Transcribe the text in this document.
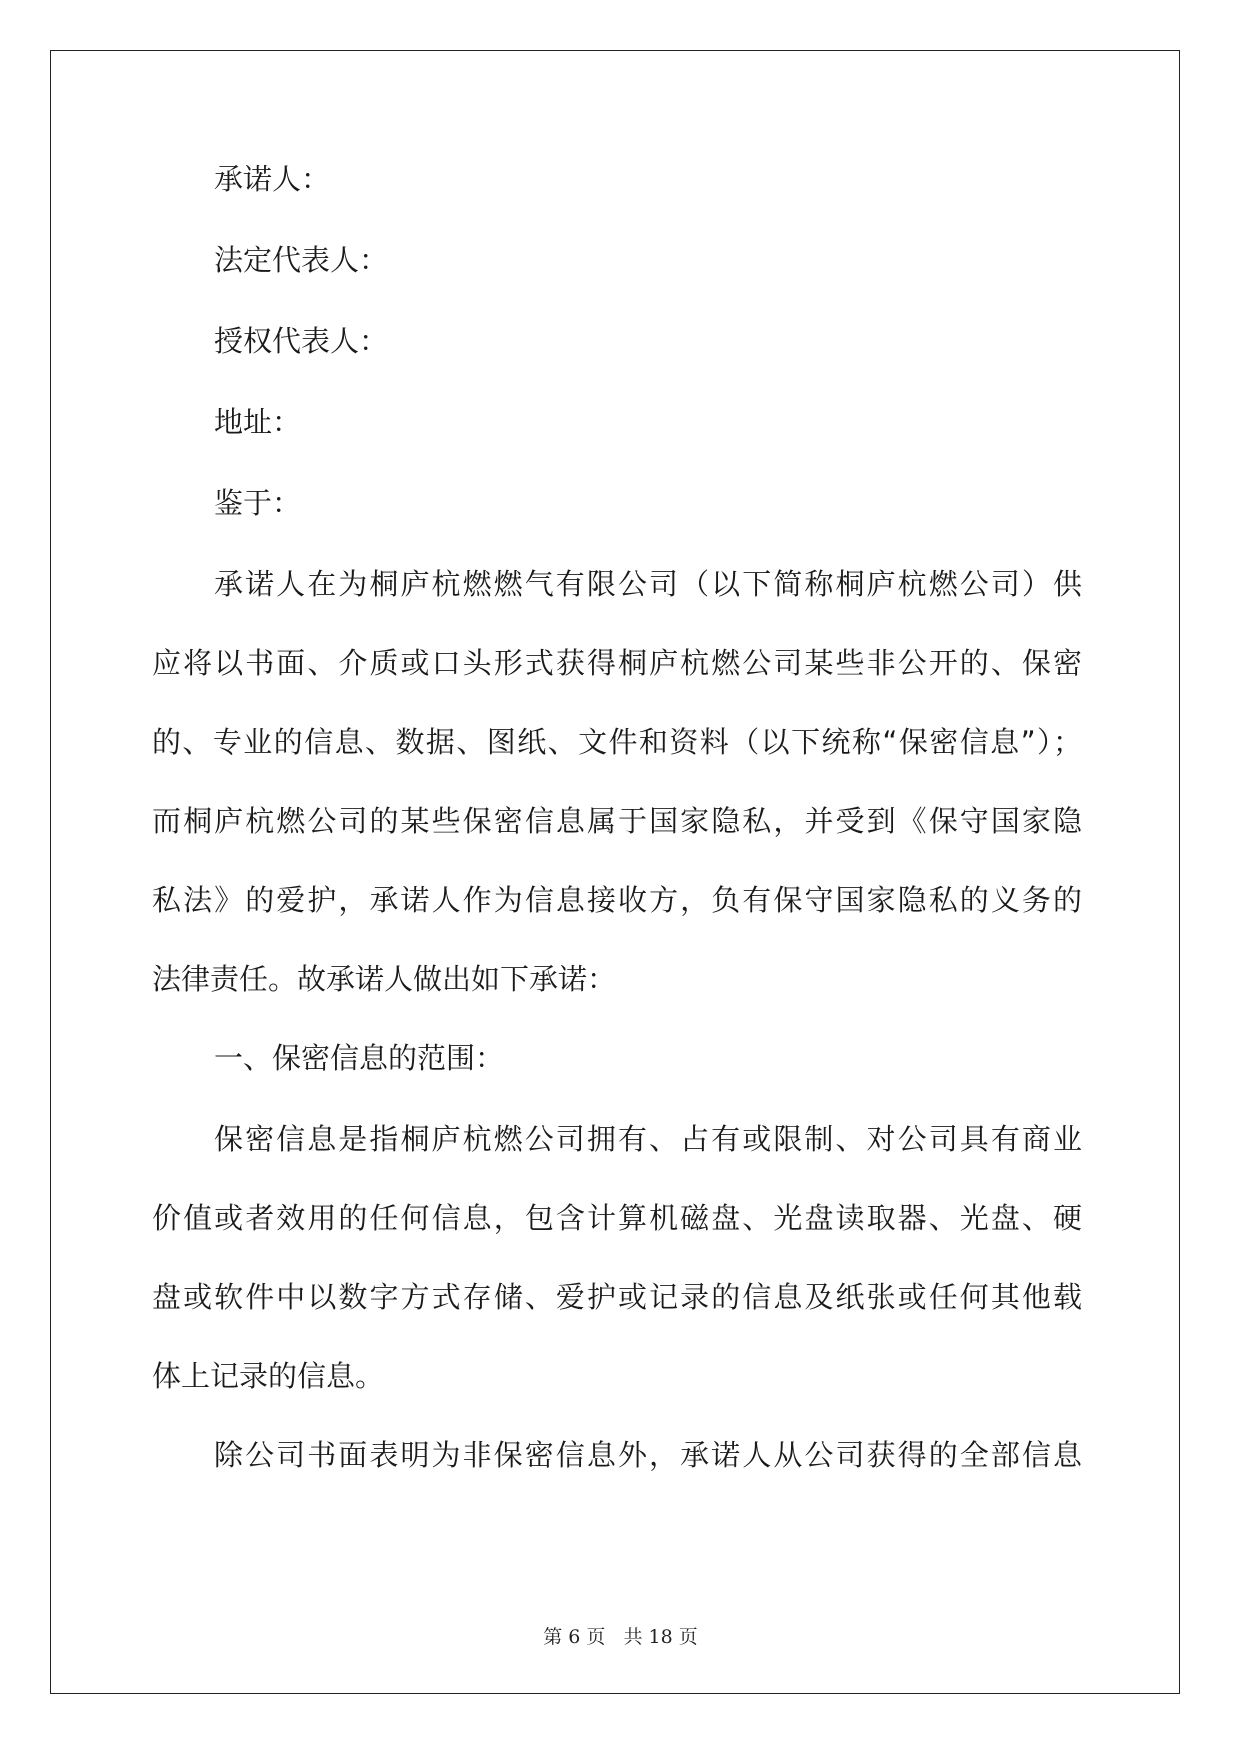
承诺人：

法定代表人：

授权代表人：

地址：

鉴于：

承诺人在为桐庐杭燃燃气有限公司（以下简称桐庐杭燃公司）供

应将以书面、介质或口头形式获得桐庐杭燃公司某些非公开的、保密

的、专业的信息、数据、图纸、文件和资料（以下统称“保密信息”）；

而桐庐杭燃公司的某些保密信息属于国家隐私，并受到《保守国家隐

私法》的爱护，承诺人作为信息接收方，负有保守国家隐私的义务的

法律责任。故承诺人做出如下承诺：

一、保密信息的范围：

保密信息是指桐庐杭燃公司拥有、占有或限制、对公司具有商业

价值或者效用的任何信息，包含计算机磁盘、光盘读取器、光盘、硬

盘或软件中以数字方式存储、爱护或记录的信息及纸张或任何其他载

体上记录的信息。

除公司书面表明为非保密信息外，承诺人从公司获得的全部信息

第 6 页   共 18 页
